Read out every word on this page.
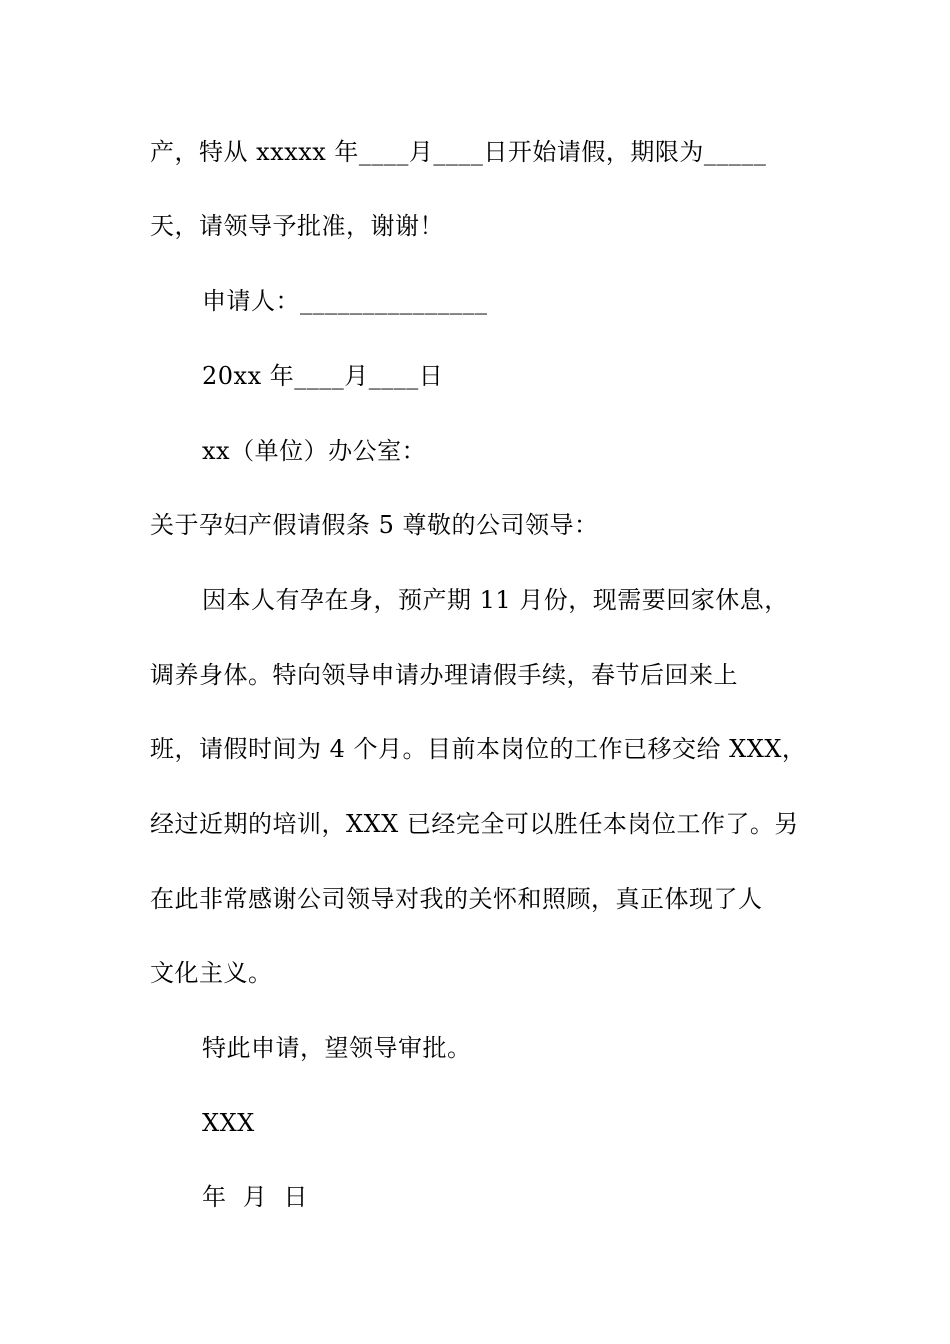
产，特从 xxxxx 年____月____日开始请假，期限为_____
天，请领导予批准，谢谢！
申请人：_______________
20xx 年____月____日
xx（单位）办公室：
关于孕妇产假请假条 5 尊敬的公司领导：
因本人有孕在身，预产期 11 月份，现需要回家休息，
调养身体。特向领导申请办理请假手续，春节后回来上
班，请假时间为 4 个月。目前本岗位的工作已移交给 XXX，
经过近期的培训，XXX 已经完全可以胜任本岗位工作了。另
在此非常感谢公司领导对我的关怀和照顾，真正体现了人
文化主义。
特此申请，望领导审批。
XXX
年  月  日
